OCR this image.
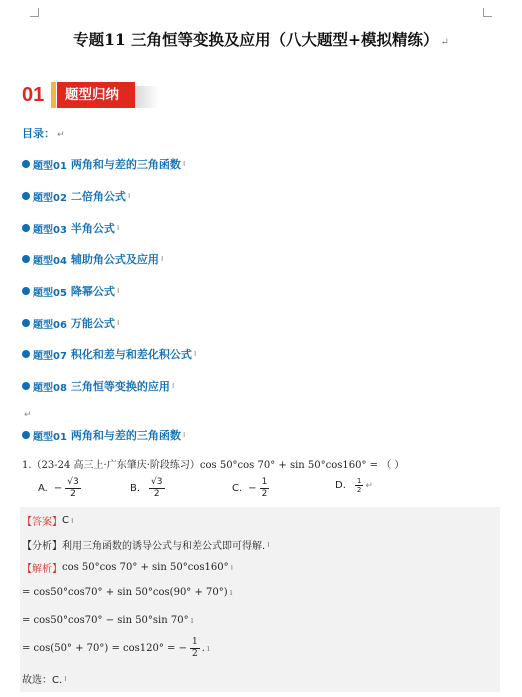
专题11 三角恒等变换及应用（八大题型+模拟精练） ↵
01 题型归纳
目录： ↵
题型01 两角和与差的三角函数 ı
题型02 二倍角公式 ı
题型03 半角公式 ı
题型04 辅助角公式及应用 ı
题型05 降幂公式 ı
题型06 万能公式 ı
题型07 积化和差与和差化积公式 ı
题型08 三角恒等变换的应用 ı
↵
题型01 两角和与差的三角函数 ı
1.（23-24 高三上·广东肇庆·阶段练习）cos 50°cos 70° + sin 50°cos160° = （ ）
A. − $\frac{√3}{2}$	B. $\frac{√3}{2}$	C. − $\frac{1}{2}$	D. $\frac{1}{2}$ ↵
【答案】 C ı
【分析】 利用三角函数的诱导公式与和差公式即可得解. ı
【解析】 cos 50°cos 70° + sin 50°cos160° ı
= cos50°cos70° + sin 50°cos(90° + 70°) ı
= cos50°cos70° − sin 50°sin 70° ı
= cos(50° + 70°) = cos120° = − $\frac{1}{2}$ . ı
故选：C. ı
